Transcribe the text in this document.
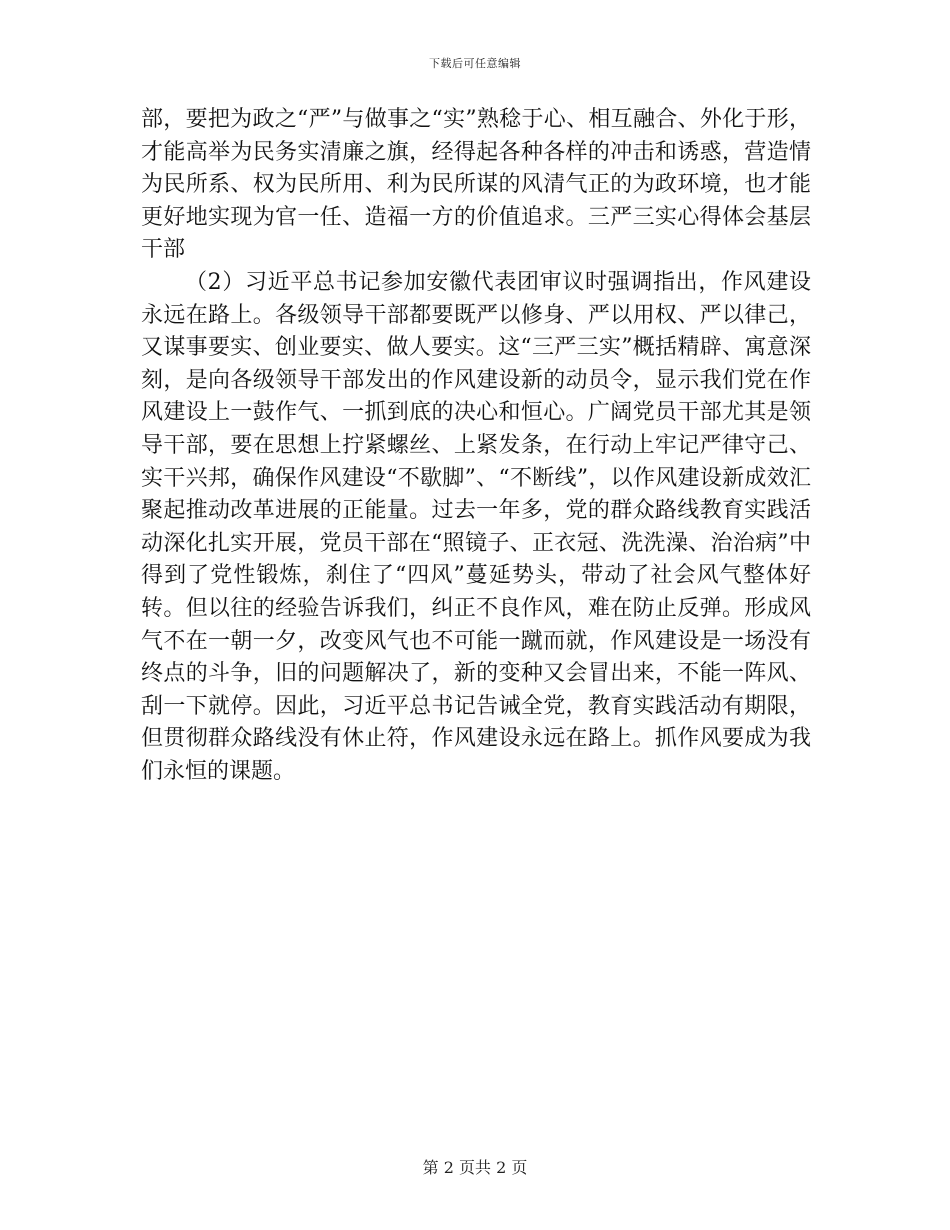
下载后可任意编辑

部，要把为政之“严”与做事之“实”熟稔于心、相互融合、外化于形，才能高举为民务实清廉之旗，经得起各种各样的冲击和诱惑，营造情为民所系、权为民所用、利为民所谋的风清气正的为政环境，也才能更好地实现为官一任、造福一方的价值追求。三严三实心得体会基层干部

（2）习近平总书记参加安徽代表团审议时强调指出，作风建设永远在路上。各级领导干部都要既严以修身、严以用权、严以律己，又谋事要实、创业要实、做人要实。这“三严三实”概括精辟、寓意深刻，是向各级领导干部发出的作风建设新的动员令，显示我们党在作风建设上一鼓作气、一抓到底的决心和恒心。广阔党员干部尤其是领导干部，要在思想上拧紧螺丝、上紧发条，在行动上牢记严律守己、实干兴邦，确保作风建设“不歇脚”、“不断线”，以作风建设新成效汇聚起推动改革进展的正能量。过去一年多，党的群众路线教育实践活动深化扎实开展，党员干部在“照镜子、正衣冠、洗洗澡、治治病”中得到了党性锻炼，刹住了“四风”蔓延势头，带动了社会风气整体好转。但以往的经验告诉我们，纠正不良作风，难在防止反弹。形成风气不在一朝一夕，改变风气也不可能一蹴而就，作风建设是一场没有终点的斗争，旧的问题解决了，新的变种又会冒出来，不能一阵风、刮一下就停。因此，习近平总书记告诫全党，教育实践活动有期限，但贯彻群众路线没有休止符，作风建设永远在路上。抓作风要成为我们永恒的课题。

第 2 页共 2 页
